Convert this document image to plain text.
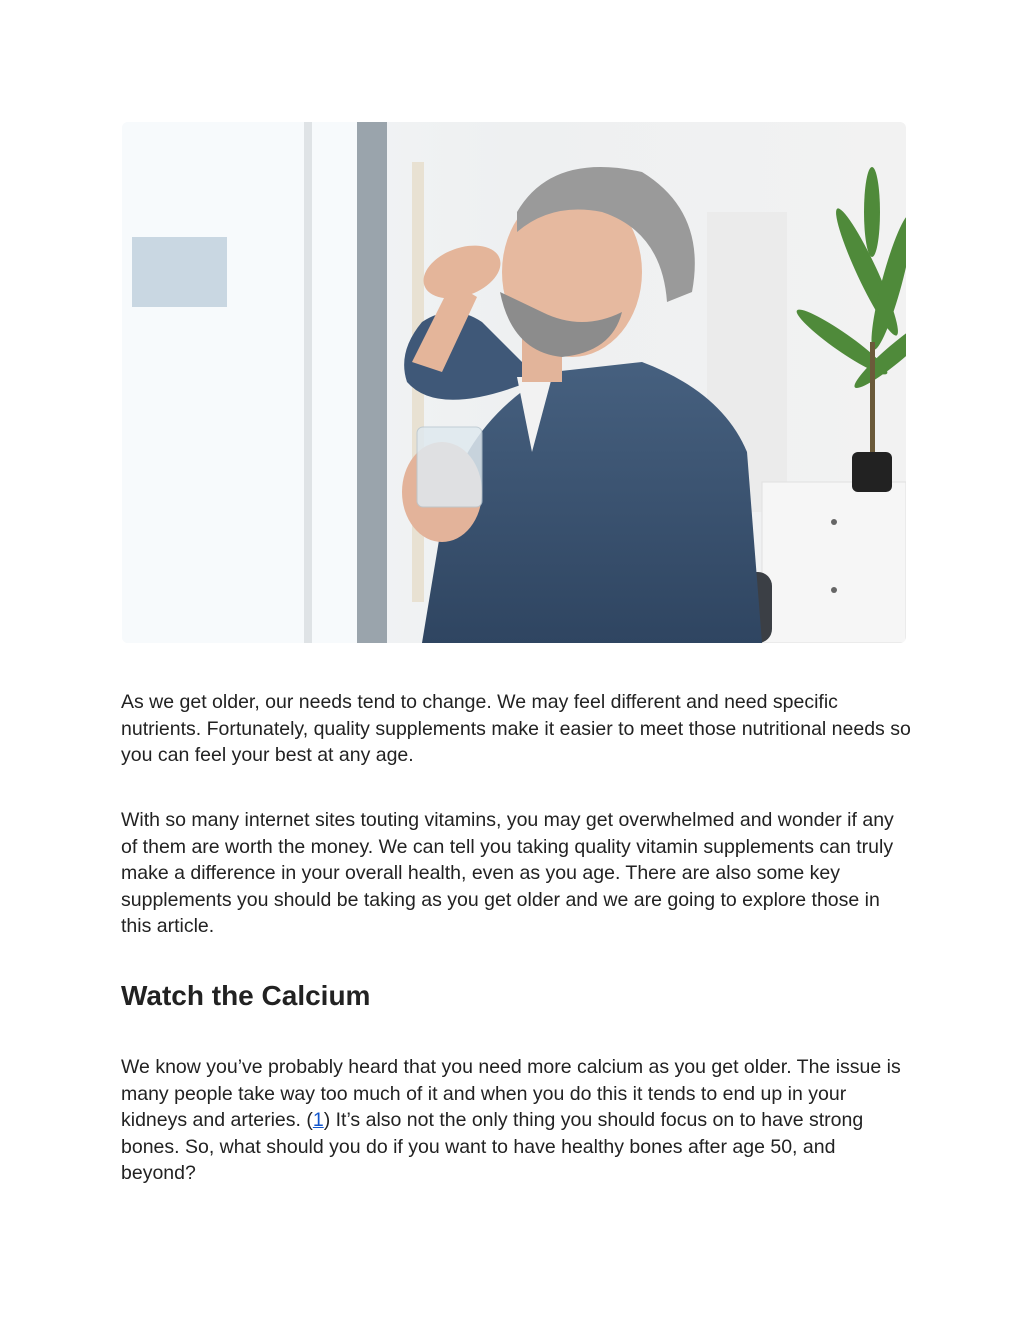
As we get older, our needs tend to change. We may feel different and need specific nutrients. Fortunately, quality supplements make it easier to meet those nutritional needs so you can feel your best at any age.

With so many internet sites touting vitamins, you may get overwhelmed and wonder if any of them are worth the money. We can tell you taking quality vitamin supplements can truly make a difference in your overall health, even as you age. There are also some key supplements you should be taking as you get older and we are going to explore those in this article.

Watch the Calcium

We know you’ve probably heard that you need more calcium as you get older. The issue is many people take way too much of it and when you do this it tends to end up in your kidneys and arteries. (1) It’s also not the only thing you should focus on to have strong bones. So, what should you do if you want to have healthy bones after age 50, and beyond?
